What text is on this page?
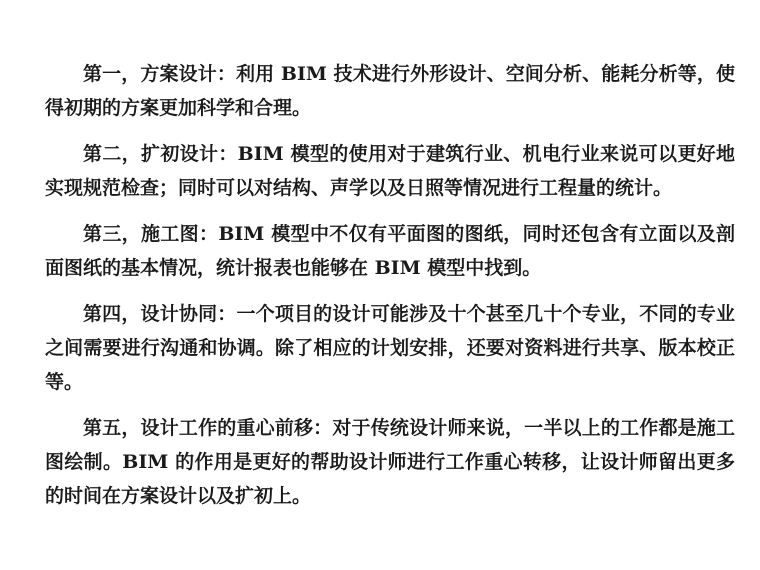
第一，方案设计：利用 BIM 技术进行外形设计、空间分析、能耗分析等，使得初期的方案更加科学和合理。

第二，扩初设计：BIM 模型的使用对于建筑行业、机电行业来说可以更好地实现规范检查；同时可以对结构、声学以及日照等情况进行工程量的统计。

第三，施工图：BIM 模型中不仅有平面图的图纸，同时还包含有立面以及剖面图纸的基本情况，统计报表也能够在 BIM 模型中找到。

第四，设计协同：一个项目的设计可能涉及十个甚至几十个专业，不同的专业之间需要进行沟通和协调。除了相应的计划安排，还要对资料进行共享、版本校正等。

第五，设计工作的重心前移：对于传统设计师来说，一半以上的工作都是施工图绘制。BIM 的作用是更好的帮助设计师进行工作重心转移，让设计师留出更多的时间在方案设计以及扩初上。
